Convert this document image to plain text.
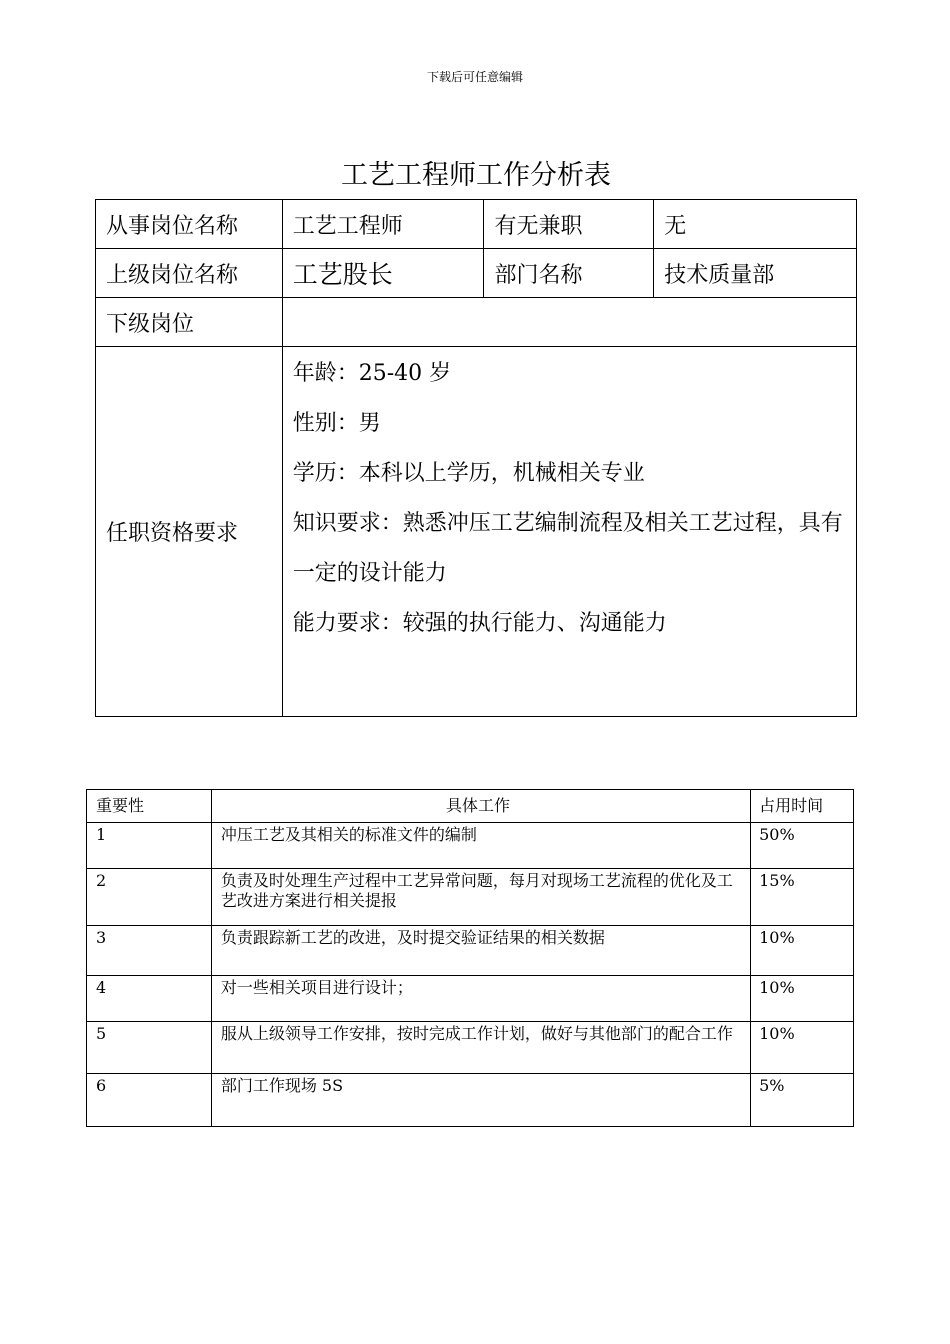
下载后可任意编辑
工艺工程师工作分析表
从事岗位名称	工艺工程师	有无兼职	无
上级岗位名称	工艺股长	部门名称	技术质量部
下级岗位			
任职资格要求	年龄：25-40 岁
性别：男
学历：本科以上学历，机械相关专业
知识要求：熟悉冲压工艺编制流程及相关工艺过程，具有一定的设计能力
能力要求：较强的执行能力、沟通能力		
重要性	具体工作	占用时间
1	冲压工艺及其相关的标准文件的编制	50%
2	负责及时处理生产过程中工艺异常问题，每月对现场工艺流程的优化及工艺改进方案进行相关提报	15%
3	负责跟踪新工艺的改进，及时提交验证结果的相关数据	10%
4	对一些相关项目进行设计；	10%
5	服从上级领导工作安排，按时完成工作计划，做好与其他部门的配合工作	10%
6	部门工作现场 5S	5%
